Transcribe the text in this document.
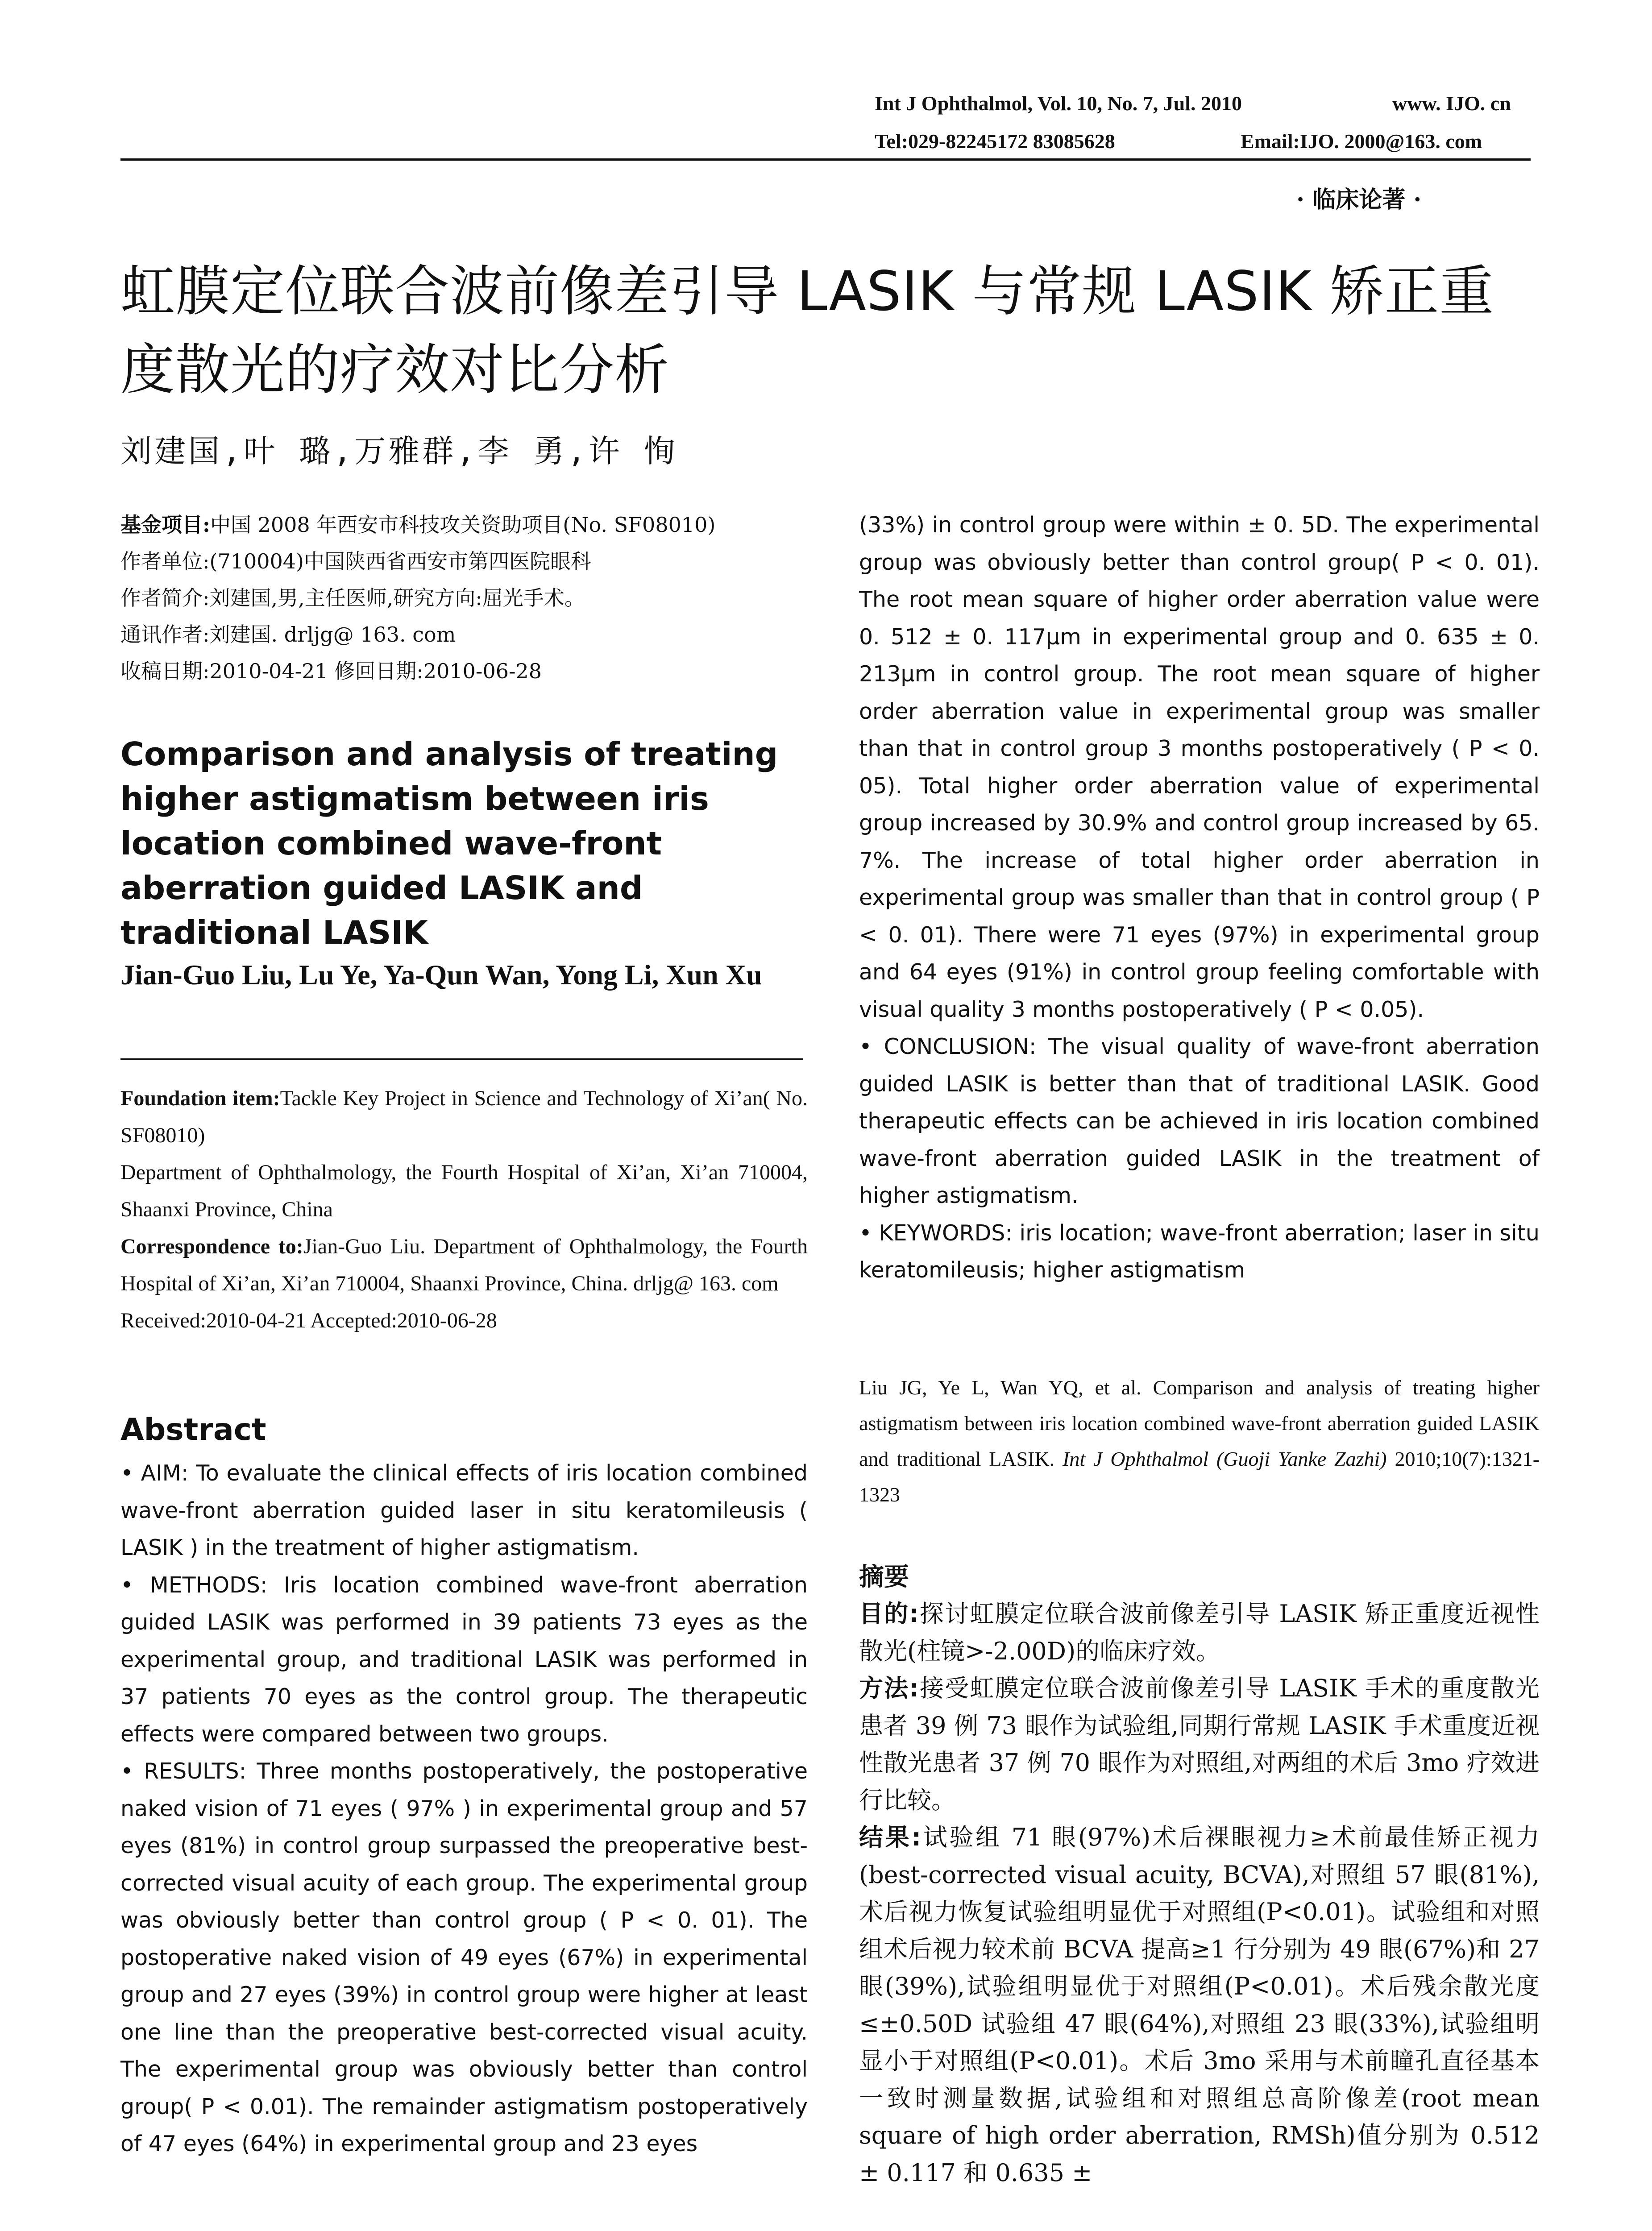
Int J Ophthalmol, Vol. 10, No. 7, Jul. 2010	www. IJO. cn
Tel:029-82245172 83085628	Email:IJO. 2000@163. com
· 临床论著 ·
虹膜定位联合波前像差引导 LASIK 与常规 LASIK 矫正重度散光的疗效对比分析
刘建国,叶 璐,万雅群,李 勇,许 恂
基金项目:中国 2008 年西安市科技攻关资助项目(No. SF08010)
作者单位:(710004)中国陕西省西安市第四医院眼科
作者简介:刘建国,男,主任医师,研究方向:屈光手术。
通讯作者:刘建国. drljg@ 163. com
收稿日期:2010-04-21 修回日期:2010-06-28
Comparison and analysis of treating higher astigmatism between iris location combined wave-front aberration guided LASIK and traditional LASIK
Jian-Guo Liu, Lu Ye, Ya-Qun Wan, Yong Li, Xun Xu
Foundation item:Tackle Key Project in Science and Technology of Xi’an( No. SF08010)
Department of Ophthalmology, the Fourth Hospital of Xi’an, Xi’an 710004, Shaanxi Province, China
Correspondence to:Jian-Guo Liu. Department of Ophthalmology, the Fourth Hospital of Xi’an, Xi’an 710004, Shaanxi Province, China. drljg@ 163. com
Received:2010-04-21 Accepted:2010-06-28
Abstract

• AIM: To evaluate the clinical effects of iris location combined wave-front aberration guided laser in situ keratomileusis ( LASIK ) in the treatment of higher astigmatism.

• METHODS: Iris location combined wave-front aberration guided LASIK was performed in 39 patients 73 eyes as the experimental group, and traditional LASIK was performed in 37 patients 70 eyes as the control group. The therapeutic effects were compared between two groups.

• RESULTS: Three months postoperatively, the postoperative naked vision of 71 eyes ( 97% ) in experimental group and 57 eyes (81%) in control group surpassed the preoperative best-corrected visual acuity of each group. The experimental group was obviously better than control group ( P < 0. 01). The postoperative naked vision of 49 eyes (67%) in experimental group and 27 eyes (39%) in control group were higher at least one line than the preoperative best-corrected visual acuity. The experimental group was obviously better than control group( P < 0.01). The remainder astigmatism postoperatively of 47 eyes (64%) in experimental group and 23 eyes

(33%) in control group were within ± 0. 5D. The experimental group was obviously better than control group( P < 0. 01). The root mean square of higher order aberration value were 0. 512 ± 0. 117μm in experimental group and 0. 635 ± 0. 213μm in control group. The root mean square of higher order aberration value in experimental group was smaller than that in control group 3 months postoperatively ( P < 0. 05). Total higher order aberration value of experimental group increased by 30.9% and control group increased by 65. 7%. The increase of total higher order aberration in experimental group was smaller than that in control group ( P < 0. 01). There were 71 eyes (97%) in experimental group and 64 eyes (91%) in control group feeling comfortable with visual quality 3 months postoperatively ( P < 0.05).

• CONCLUSION: The visual quality of wave-front aberration guided LASIK is better than that of traditional LASIK. Good therapeutic effects can be achieved in iris location combined wave-front aberration guided LASIK in the treatment of higher astigmatism.

• KEYWORDS: iris location; wave-front aberration; laser in situ keratomileusis; higher astigmatism

Liu JG, Ye L, Wan YQ, et al. Comparison and analysis of treating higher astigmatism between iris location combined wave-front aberration guided LASIK and traditional LASIK. Int J Ophthalmol (Guoji Yanke Zazhi) 2010;10(7):1321-1323
摘要

目的:探讨虹膜定位联合波前像差引导 LASIK 矫正重度近视性散光(柱镜>-2.00D)的临床疗效。

方法:接受虹膜定位联合波前像差引导 LASIK 手术的重度散光患者 39 例 73 眼作为试验组,同期行常规 LASIK 手术重度近视性散光患者 37 例 70 眼作为对照组,对两组的术后 3mo 疗效进行比较。

结果:试验组 71 眼(97%)术后裸眼视力≥术前最佳矫正视力(best-corrected visual acuity, BCVA),对照组 57 眼(81%),术后视力恢复试验组明显优于对照组(P<0.01)。试验组和对照组术后视力较术前 BCVA 提高≥1 行分别为 49 眼(67%)和 27 眼(39%),试验组明显优于对照组(P<0.01)。术后残余散光度≤±0.50D 试验组 47 眼(64%),对照组 23 眼(33%),试验组明显小于对照组(P<0.01)。术后 3mo 采用与术前瞳孔直径基本一致时测量数据,试验组和对照组总高阶像差(root mean square of high order aberration, RMSh)值分别为 0.512 ± 0.117 和 0.635 ±
